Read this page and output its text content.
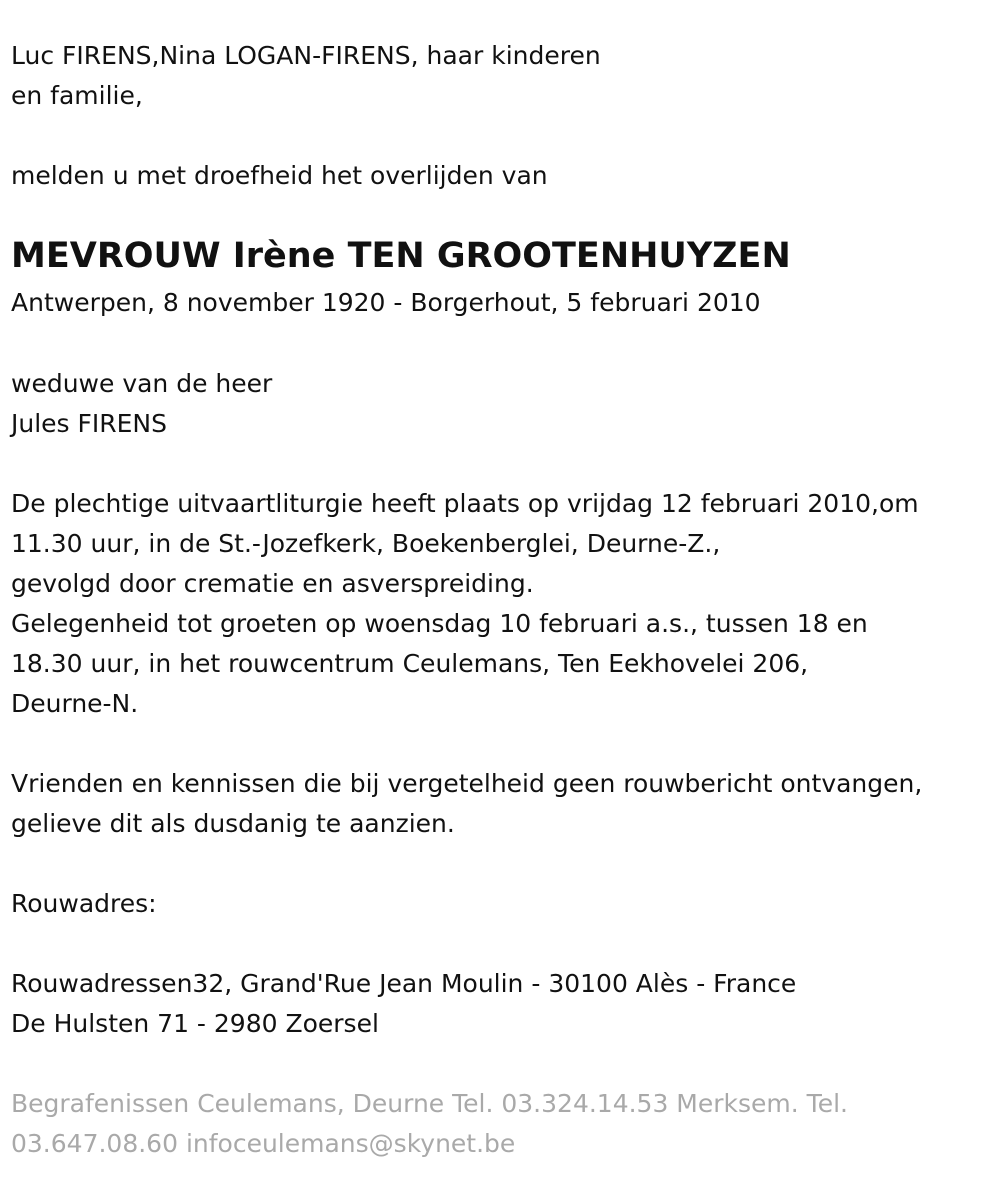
Luc FIRENS,Nina LOGAN-FIRENS, haar kinderen

en familie,

melden u met droefheid het overlijden van

MEVROUW Irène TEN GROOTENHUYZEN

Antwerpen, 8 november 1920 - Borgerhout, 5 februari 2010

weduwe van de heer

Jules FIRENS

De plechtige uitvaartliturgie heeft plaats op vrijdag 12 februari 2010,om

11.30 uur, in de St.-Jozefkerk, Boekenberglei, Deurne-Z.,

gevolgd door crematie en asverspreiding.

Gelegenheid tot groeten op woensdag 10 februari a.s., tussen 18 en

18.30 uur, in het rouwcentrum Ceulemans, Ten Eekhovelei 206,

Deurne-N.

Vrienden en kennissen die bij vergetelheid geen rouwbericht ontvangen,

gelieve dit als dusdanig te aanzien.

Rouwadres:

Rouwadressen32, Grand'Rue Jean Moulin - 30100 Alès - France

De Hulsten 71 - 2980 Zoersel

Begrafenissen Ceulemans, Deurne Tel. 03.324.14.53 Merksem. Tel.

03.647.08.60 infoceulemans@skynet.be
